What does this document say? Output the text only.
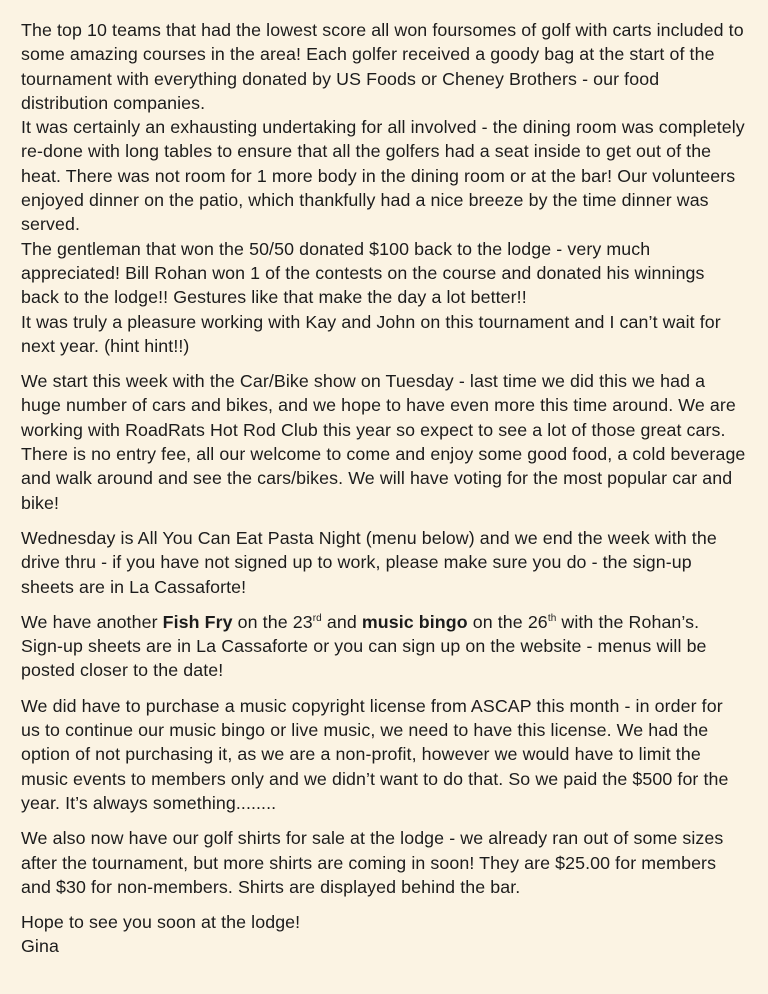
The top 10 teams that had the lowest score all won foursomes of golf with carts included to some amazing courses in the area! Each golfer received a goody bag at the start of the tournament with everything donated by US Foods or Cheney Brothers - our food distribution companies.
It was certainly an exhausting undertaking for all involved - the dining room was completely re-done with long tables to ensure that all the golfers had a seat inside to get out of the heat. There was not room for 1 more body in the dining room or at the bar! Our volunteers enjoyed dinner on the patio, which thankfully had a nice breeze by the time dinner was served.
The gentleman that won the 50/50 donated $100 back to the lodge - very much appreciated! Bill Rohan won 1 of the contests on the course and donated his winnings back to the lodge!! Gestures like that make the day a lot better!!
It was truly a pleasure working with Kay and John on this tournament and I can’t wait for next year. (hint hint!!)

We start this week with the Car/Bike show on Tuesday - last time we did this we had a huge number of cars and bikes, and we hope to have even more this time around. We are working with RoadRats Hot Rod Club this year so expect to see a lot of those great cars. There is no entry fee, all our welcome to come and enjoy some good food, a cold beverage and walk around and see the cars/bikes. We will have voting for the most popular car and bike!

Wednesday is All You Can Eat Pasta Night (menu below) and we end the week with the drive thru - if you have not signed up to work, please make sure you do - the sign-up sheets are in La Cassaforte!

We have another Fish Fry on the 23rd and music bingo on the 26th with the Rohan’s. Sign-up sheets are in La Cassaforte or you can sign up on the website - menus will be posted closer to the date!

We did have to purchase a music copyright license from ASCAP this month - in order for us to continue our music bingo or live music, we need to have this license. We had the option of not purchasing it, as we are a non-profit, however we would have to limit the music events to members only and we didn’t want to do that. So we paid the $500 for the year. It’s always something........

We also now have our golf shirts for sale at the lodge - we already ran out of some sizes after the tournament, but more shirts are coming in soon! They are $25.00 for members and $30 for non-members. Shirts are displayed behind the bar.

Hope to see you soon at the lodge!
Gina
